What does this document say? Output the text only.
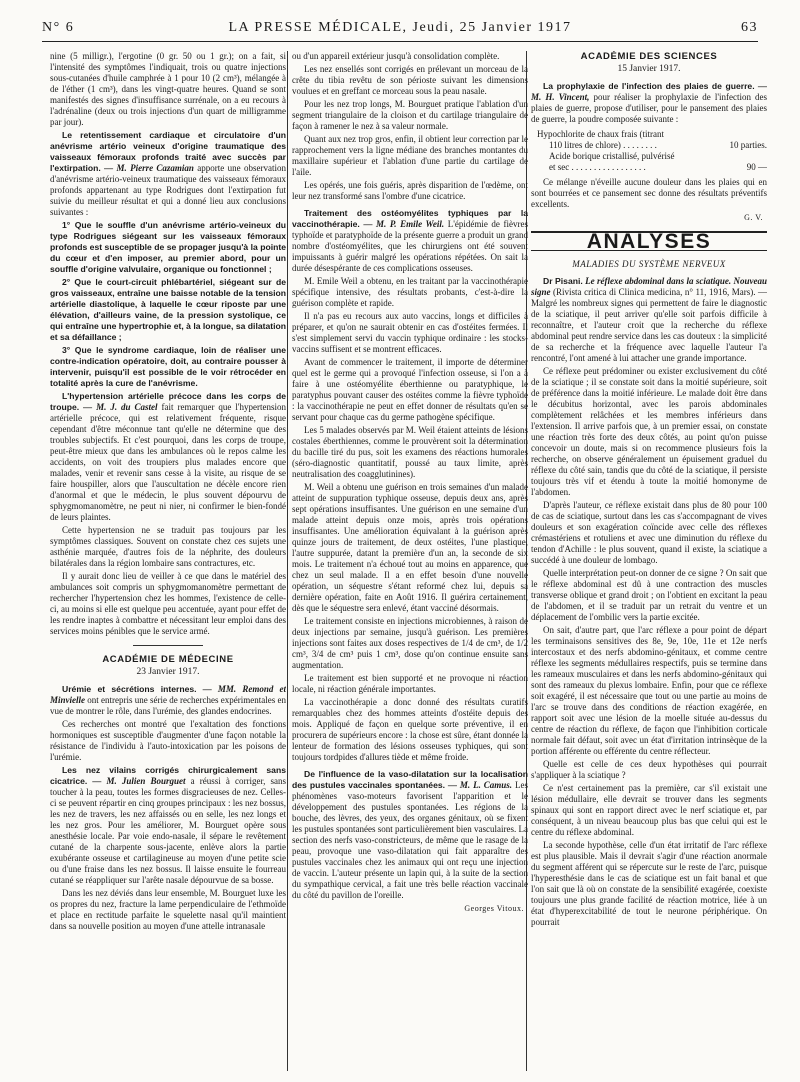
N° 6	LA PRESSE MÉDICALE, Jeudi, 25 Janvier 1917	63

nine (5 milligr.), l'ergotine (0 gr. 50 ou 1 gr.); on a fait, si l'intensité des symptômes l'indiquait, trois ou quatre injections sous-cutanées d'huile camphrée à 1 pour 10 (2 cm³), mélangée à de l'éther (1 cm³), dans les vingt-quatre heures. Quand se sont manifestés des signes d'insuffisance surrénale, on a eu recours à l'adrénaline (deux ou trois injections d'un quart de milligramme par jour).

Le retentissement cardiaque et circulatoire d'un anévrisme artério veineux d'origine traumatique des vaisseaux fémoraux profonds traité avec succès par l'extirpation. — M. Pierre Cazamian apporte une observation d'anévrisme artério-veineux traumatique des vaisseaux fémoraux profonds appartenant au type Rodrigues dont l'extirpation fut suivie du meilleur résultat et qui a donné lieu aux conclusions suivantes :

1° Que le souffle d'un anévrisme artério-veineux du type Rodrigues siégeant sur les vaisseaux fémoraux profonds est susceptible de se propager jusqu'à la pointe du cœur et d'en imposer, au premier abord, pour un souffle d'origine valvulaire, organique ou fonctionnel ;

2° Que le court-circuit phlébartériel, siégeant sur de gros vaisseaux, entraîne une baisse notable de la tension artérielle diastolique, à laquelle le cœur riposte par une élévation, d'ailleurs vaine, de la pression systolique, ce qui entraîne une hypertrophie et, à la longue, sa dilatation et sa défaillance ;

3° Que le syndrome cardiaque, loin de réaliser une contre-indication opératoire, doit, au contraire pousser à intervenir, puisqu'il est possible de le voir rétrocéder en totalité après la cure de l'anévrisme.

L'hypertension artérielle précoce dans les corps de troupe. — M. J. du Castel fait remarquer que l'hypertension artérielle précoce, qui est relativement fréquente, risque cependant d'être méconnue tant qu'elle ne détermine que des troubles subjectifs. Et c'est pourquoi, dans les corps de troupe, peut-être mieux que dans les ambulances où le repos calme les accidents, on voit des troupiers plus malades encore que malades, venir et revenir sans cesse à la visite, au risque de se faire houspiller, alors que l'auscultation ne décèle encore rien d'anormal et que le médecin, le plus souvent dépourvu de sphygmomanomètre, ne peut ni nier, ni confirmer le bien-fondé de leurs plaintes.

Cette hypertension ne se traduit pas toujours par les symptômes classiques. Souvent on constate chez ces sujets une asthénie marquée, d'autres fois de la néphrite, des douleurs bilatérales dans la région lombaire sans contractures, etc.

Il y aurait donc lieu de veiller à ce que dans le matériel des ambulances soit compris un sphygmomanomètre permettant de rechercher l'hypertension chez les hommes, l'existence de celle-ci, au moins si elle est quelque peu accentuée, ayant pour effet de les rendre inaptes à combattre et nécessitant leur emploi dans des services moins pénibles que le service armé.

ACADÉMIE DE MÉDECINE
23 Janvier 1917.

Urémie et sécrétions internes. — MM. Remond et Minvielle ont entrepris une série de recherches expérimentales en vue de montrer le rôle, dans l'urémie, des glandes endocrines.

Ces recherches ont montré que l'exaltation des fonctions hormoniques est susceptible d'augmenter d'une façon notable la résistance de l'individu à l'auto-intoxication par les poisons de l'urémie.

Les nez vilains corrigés chirurgicalement sans cicatrice. — M. Julien Bourguet a réussi à corriger, sans toucher à la peau, toutes les formes disgracieuses de nez. Celles-ci se peuvent répartir en cinq groupes principaux : les nez bossus, les nez de travers, les nez affaissés ou en selle, les nez longs et les nez gros. Pour les améliorer, M. Bourguet opère sous anesthésie locale. Par voie endo-nasale, il sépare le revêtement cutané de la charpente sous-jacente, enlève alors la partie exubérante osseuse et cartilagineuse au moyen d'une petite scie ou d'une fraise dans les nez bossus. Il laisse ensuite le fourreau cutané se réappliquer sur l'arête nasale dépourvue de sa bosse.

Dans les nez déviés dans leur ensemble, M. Bourguet luxe les os propres du nez, fracture la lame perpendiculaire de l'ethmoïde et place en rectitude parfaite le squelette nasal qu'il maintient dans sa nouvelle position au moyen d'une attelle intranasale

ou d'un appareil extérieur jusqu'à consolidation complète.

Les nez ensellés sont corrigés en prélevant un morceau de la crête du tibia revêtu de son périoste suivant les dimensions voulues et en greffant ce morceau sous la peau nasale.

Pour les nez trop longs, M. Bourguet pratique l'ablation d'un segment triangulaire de la cloison et du cartilage triangulaire de façon à ramener le nez à sa valeur normale.

Quant aux nez trop gros, enfin, il obtient leur correction par le rapprochement vers la ligne médiane des branches montantes du maxillaire supérieur et l'ablation d'une partie du cartilage de l'aile.

Les opérés, une fois guéris, après disparition de l'œdème, ont leur nez transformé sans l'ombre d'une cicatrice.

Traitement des ostéomyélites typhiques par la vaccinothérapie. — M. P. Emile Weil. L'épidémie de fièvres typhoïde et paratyphoïde de la présente guerre a produit un grand nombre d'ostéomyélites, que les chirurgiens ont été souvent impuissants à guérir malgré les opérations répétées. On sait la durée désespérante de ces complications osseuses.

M. Emile Weil a obtenu, en les traitant par la vaccinothérapie spécifique intensive, des résultats probants, c'est-à-dire la guérison complète et rapide.

Il n'a pas eu recours aux auto vaccins, longs et difficiles à préparer, et qu'on ne saurait obtenir en cas d'ostéites fermées. Il s'est simplement servi du vaccin typhique ordinaire : les stocks-vaccins suffisent et se montrent efficaces.

Avant de commencer le traitement, il importe de déterminer quel est le germe qui a provoqué l'infection osseuse, si l'on a à faire à une ostéomyélite éberthienne ou paratyphique, le paratyphus pouvant causer des ostéites comme la fièvre typhoïde : la vaccinothérapie ne peut en effet donner de résultats qu'en se servant pour chaque cas du germe pathogène spécifique.

Les 5 malades observés par M. Weil étaient atteints de lésions costales éberthiennes, comme le prouvèrent soit la détermination du bacille tiré du pus, soit les examens des réactions humorales (séro-diagnostic quantitatif, poussé au taux limite, après neutralisation des coagglutinines).

M. Weil a obtenu une guérison en trois semaines d'un malade atteint de suppuration typhique osseuse, depuis deux ans, après sept opérations insuffisantes. Une guérison en une semaine d'un malade atteint depuis onze mois, après trois opérations insuffisantes. Une amélioration équivalant à la guérison après quinze jours de traitement, de deux ostéites, l'une plastique, l'autre suppurée, datant la première d'un an, la seconde de six mois. Le traitement n'a échoué tout au moins en apparence, que chez un seul malade. Il a en effet besoin d'une nouvelle opération, un séquestre s'étant reformé chez lui, depuis sa dernière opération, faite en Août 1916. Il guérira certainement, dès que le séquestre sera enlevé, étant vacciné désormais.

Le traitement consiste en injections microbiennes, à raison de deux injections par semaine, jusqu'à guérison. Les premières injections sont faites aux doses respectives de 1/4 de cm³, de 1/2 cm³, 3/4 de cm³ puis 1 cm³, dose qu'on continue ensuite sans augmentation.

Le traitement est bien supporté et ne provoque ni réaction locale, ni réaction générale importantes.

La vaccinothérapie a donc donné des résultats curatifs remarquables chez des hommes atteints d'ostéite depuis des mois. Appliqué de façon en quelque sorte préventive, il en procurera de supérieurs encore : la chose est sûre, étant donnée la lenteur de formation des lésions osseuses typhiques, qui sont toujours tordpides d'allures tiède et même froide.

De l'influence de la vaso-dilatation sur la localisation des pustules vaccinales spontanées. — M. L. Camus. Les phénomènes vaso-moteurs favorisent l'apparition et le développement des pustules spontanées. Les régions de la bouche, des lèvres, des yeux, des organes génitaux, où se fixent les pustules spontanées sont particulièrement bien vasculaires. La section des nerfs vaso-constricteurs, de même que le rasage de la peau, provoque une vaso-dilatation qui fait apparaître des pustules vaccinales chez les animaux qui ont reçu une injection de vaccin. L'auteur présente un lapin qui, à la suite de la section du sympathique cervical, a fait une très belle réaction vaccinale du côté du pavillon de l'oreille.

Georges Vitoux.
ACADÉMIE DES SCIENCES
15 Janvier 1917.

La prophylaxie de l'infection des plaies de guerre. — M. H. Vincent, pour réaliser la prophylaxie de l'infection des plaies de guerre, propose d'utiliser, pour le pansement des plaies de guerre, la poudre composée suivante :

Hypochlorite de chaux frais (titrant
110 litres de chlore) . . . . . . . .	10 parties.
Acide borique cristallisé, pulvérisé
et sec . . . . . . . . . . . . . . . . .	90 —

Ce mélange n'éveille aucune douleur dans les plaies qui en sont bourrées et ce pansement sec donne des résultats préventifs excellents.

G. V.
ANALYSES
MALADIES DU SYSTÈME NERVEUX

Dr Pisani. Le réflexe abdominal dans la sciatique. Nouveau signe (Rivista critica di Clinica medicina, n° 11, 1916, Mars). — Malgré les nombreux signes qui permettent de faire le diagnostic de la sciatique, il peut arriver qu'elle soit parfois difficile à reconnaître, et l'auteur croit que la recherche du réflexe abdominal peut rendre service dans les cas douteux : la simplicité de sa recherche et la fréquence avec laquelle l'auteur l'a rencontré, l'ont amené à lui attacher une grande importance.

Ce réflexe peut prédominer ou exister exclusivement du côté de la sciatique ; il se constate soit dans la moitié supérieure, soit de préférence dans la moitié inférieure. Le malade doit être dans le décubitus horizontal, avec les parois abdominales complètement relâchées et les membres inférieurs dans l'extension. Il arrive parfois que, à un premier essai, on constate une réaction très forte des deux côtés, au point qu'on puisse concevoir un doute, mais si on recommence plusieurs fois la recherche, on observe généralement un épuisement graduel du réflexe du côté sain, tandis que du côté de la sciatique, il persiste toujours très vif et étendu à toute la moitié homonyme de l'abdomen.

D'après l'auteur, ce réflexe existait dans plus de 80 pour 100 de cas de sciatique, surtout dans les cas s'accompagnant de vives douleurs et son exagération coïncide avec celle des réflexes crémastériens et rotuliens et avec une diminution du réflexe du tendon d'Achille : le plus souvent, quand il existe, la sciatique a succédé à une douleur de lombago.

Quelle interprétation peut-on donner de ce signe ? On sait que le réflexe abdominal est dû à une contraction des muscles transverse oblique et grand droit ; on l'obtient en excitant la peau de l'abdomen, et il se traduit par un retrait du ventre et un déplacement de l'ombilic vers la partie excitée.

On sait, d'autre part, que l'arc réflexe a pour point de départ les terminaisons sensitives des 8e, 9e, 10e, 11e et 12e nerfs intercostaux et des nerfs abdomino-génitaux, et comme centre réflexe les segments médullaires respectifs, puis se termine dans les rameaux musculaires et dans les nerfs abdomino-génitaux qui sont des rameaux du plexus lombaire. Enfin, pour que ce réflexe soit exagéré, il est nécessaire que tout ou une partie au moins de l'arc se trouve dans des conditions de réaction exagérée, en rapport soit avec une lésion de la moelle située au-dessus du centre de réaction du réflexe, de façon que l'inhibition corticale normale fait défaut, soit avec un état d'irritation intrinsèque de la portion afférente ou efférente du centre réflecteur.

Quelle est celle de ces deux hypothèses qui pourrait s'appliquer à la sciatique ?

Ce n'est certainement pas la première, car s'il existait une lésion médullaire, elle devrait se trouver dans les segments spinaux qui sont en rapport direct avec le nerf sciatique et, par conséquent, à un niveau beaucoup plus bas que celui qui est le centre du réflexe abdominal.

La seconde hypothèse, celle d'un état irritatif de l'arc réflexe est plus plausible. Mais il devrait s'agir d'une réaction anormale du segment afférent qui se répercute sur le reste de l'arc, puisque l'hyperesthésie dans le cas de sciatique est un fait banal et que l'on sait que là où on constate de la sensibilité exagérée, coexiste toujours une plus grande facilité de réaction motrice, liée à un état d'hyperexcitabilité de tout le neurone périphérique. On pourrait
